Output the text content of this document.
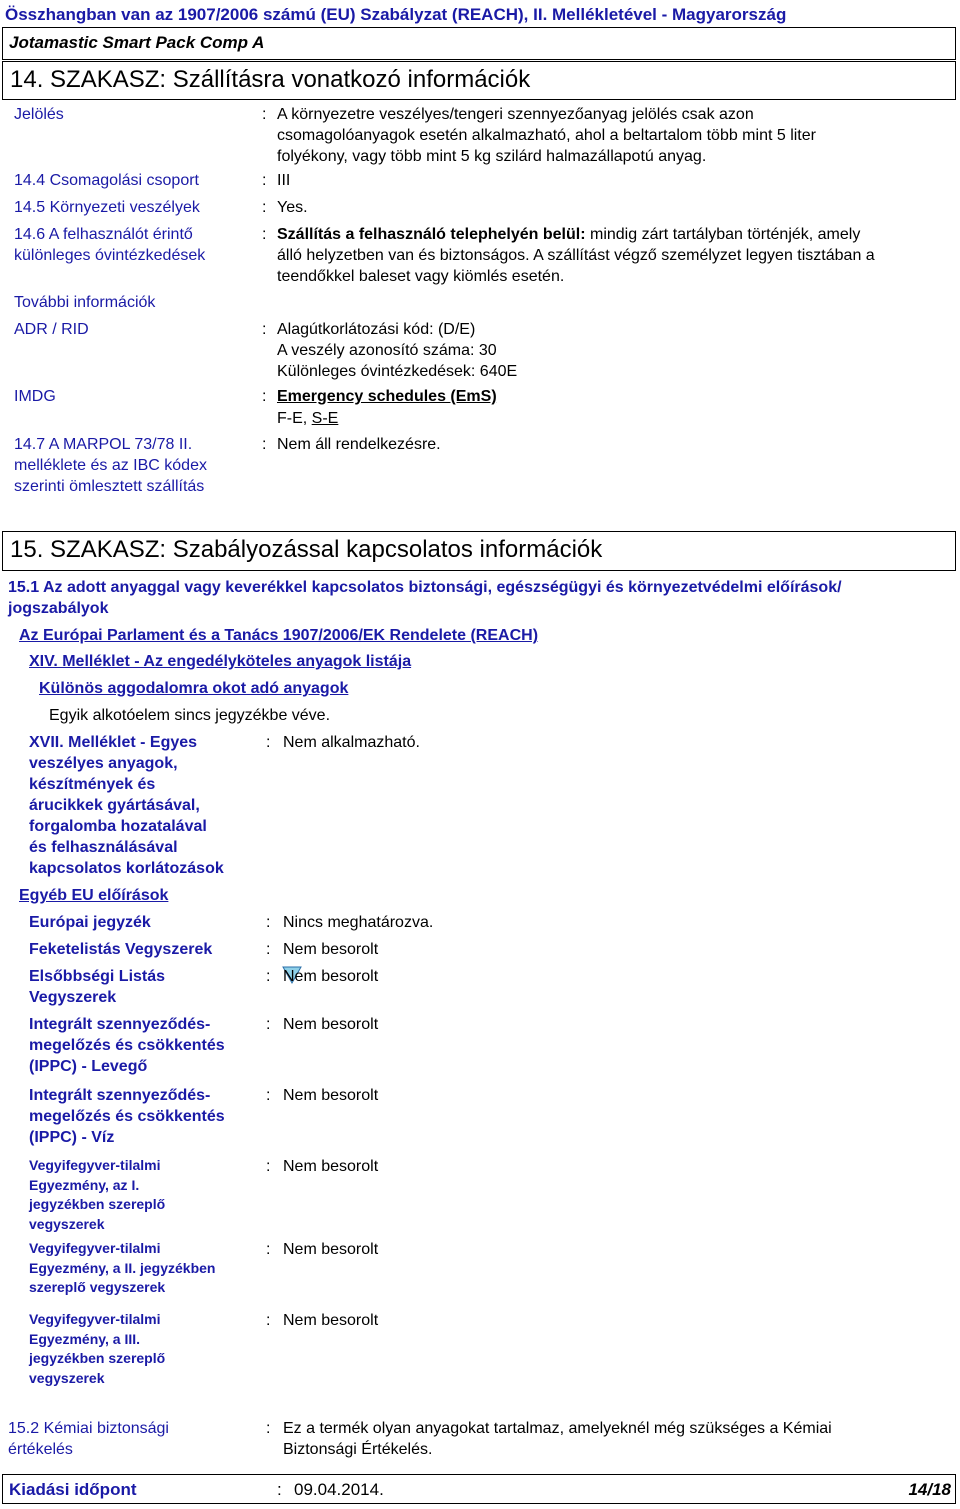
Összhangban van az 1907/2006 számú (EU) Szabályzat (REACH), II. Mellékletével - Magyarország
Jotamastic Smart Pack Comp A
14. SZAKASZ: Szállításra vonatkozó információk
Jelölés	: A környezetre veszélyes/tengeri szennyezőanyag jelölés csak azon
csomagolóanyagok esetén alkalmazható, ahol a beltartalom több mint 5 liter
folyékony, vagy több mint 5 kg szilárd halmazállapotú anyag.
14.4 Csomagolási csoport	: III
14.5 Környezeti veszélyek	: Yes.
14.6 A felhasználót érintő
különleges óvintézkedések
: Szállítás a felhasználó telephelyén belül: mindig zárt tartályban történjék, amely
álló helyzetben van és biztonságos. A szállítást végző személyzet legyen tisztában a
teendőkkel baleset vagy kiömlés esetén.
További információk
ADR / RID	: Alagútkorlátozási kód: (D/E)
A veszély azonosító száma: 30
Különleges óvintézkedések: 640E
IMDG	: Emergency schedules (EmS)
F-E, S-E
14.7 A MARPOL 73/78 II.
melléklete és az IBC kódex
szerinti ömlesztett szállítás
: Nem áll rendelkezésre.
15. SZAKASZ: Szabályozással kapcsolatos információk
15.1 Az adott anyaggal vagy keverékkel kapcsolatos biztonsági, egészségügyi és környezetvédelmi előírások/
jogszabályok
Az Európai Parlament és a Tanács 1907/2006/EK Rendelete (REACH)
XIV. Melléklet - Az engedélyköteles anyagok listája
Különös aggodalomra okot adó anyagok
Egyik alkotóelem sincs jegyzékbe véve.
XVII. Melléklet - Egyes
veszélyes anyagok,
készítmények és
árucikkek gyártásával,
forgalomba hozatalával
és felhasználásával
kapcsolatos korlátozások
: Nem alkalmazható.
Egyéb EU előírások
Európai jegyzék	: Nincs meghatározva.
Feketelistás Vegyszerek	: Nem besorolt
Elsőbbségi Listás
Vegyszerek
: Nem besorolt
Integrált szennyeződés-
megelőzés és csökkentés
(IPPC) - Levegő
: Nem besorolt
Integrált szennyeződés-
megelőzés és csökkentés
(IPPC) - Víz
: Nem besorolt
Vegyifegyver-tilalmi
Egyezmény, az I.
jegyzékben szereplő
vegyszerek
: Nem besorolt
Vegyifegyver-tilalmi
Egyezmény, a II. jegyzékben
szereplő vegyszerek
: Nem besorolt
Vegyifegyver-tilalmi
Egyezmény, a III.
jegyzékben szereplő
vegyszerek
: Nem besorolt
15.2 Kémiai biztonsági
értékelés
: Ez a termék olyan anyagokat tartalmaz, amelyeknél még szükséges a Kémiai
Biztonsági Értékelés.
Kiadási időpont	: 09.04.2014.	14/18
